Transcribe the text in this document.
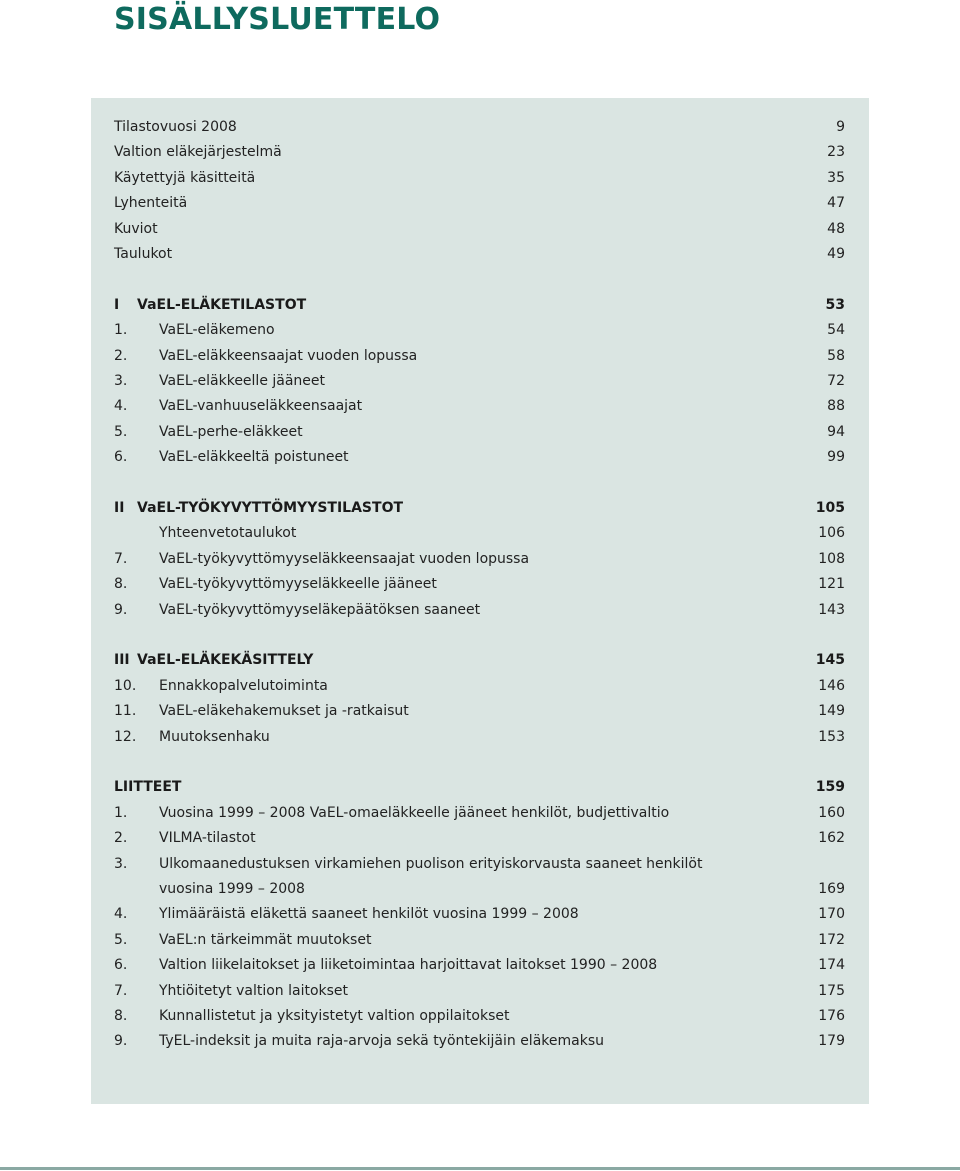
SISÄLLYSLUETTELO
Tilastovuosi 2008	9
Valtion eläkejärjestelmä	23
Käytettyjä käsitteitä	35
Lyhenteitä	47
Kuviot	48
Taulukot	49
I VaEL-ELÄKETILASTOT	53
1. VaEL-eläkemeno	54
2. VaEL-eläkkeensaajat vuoden lopussa	58
3. VaEL-eläkkeelle jääneet	72
4. VaEL-vanhuuseläkkeensaajat	88
5. VaEL-perhe-eläkkeet	94
6. VaEL-eläkkeeltä poistuneet	99
II VaEL-TYÖKYVYTTÖMYYSTILASTOT	105
Yhteenvetotaulukot	106
7. VaEL-työkyvyttömyyseläkkeensaajat vuoden lopussa	108
8. VaEL-työkyvyttömyyseläkkeelle jääneet	121
9. VaEL-työkyvyttömyyseläkepäätöksen saaneet	143
III VaEL-ELÄKEKÄSITTELY	145
10. Ennakkopalvelutoiminta	146
11. VaEL-eläkehakemukset ja -ratkaisut	149
12. Muutoksenhaku	153
LIITTEET	159
1. Vuosina 1999 – 2008 VaEL-omaeläkkeelle jääneet henkilöt, budjettivaltio	160
2. VILMA-tilastot	162
3. Ulkomaanedustuksen virkamiehen puolison erityiskorvausta saaneet henkilöt
vuosina 1999 – 2008	169
4. Ylimääräistä eläkettä saaneet henkilöt vuosina 1999 – 2008	170
5. VaEL:n tärkeimmät muutokset	172
6. Valtion liikelaitokset ja liiketoimintaa harjoittavat laitokset 1990 – 2008	174
7. Yhtiöitetyt valtion laitokset	175
8. Kunnallistetut ja yksityistetyt valtion oppilaitokset	176
9. TyEL-indeksit ja muita raja-arvoja sekä työntekijäin eläkemaksu	179
